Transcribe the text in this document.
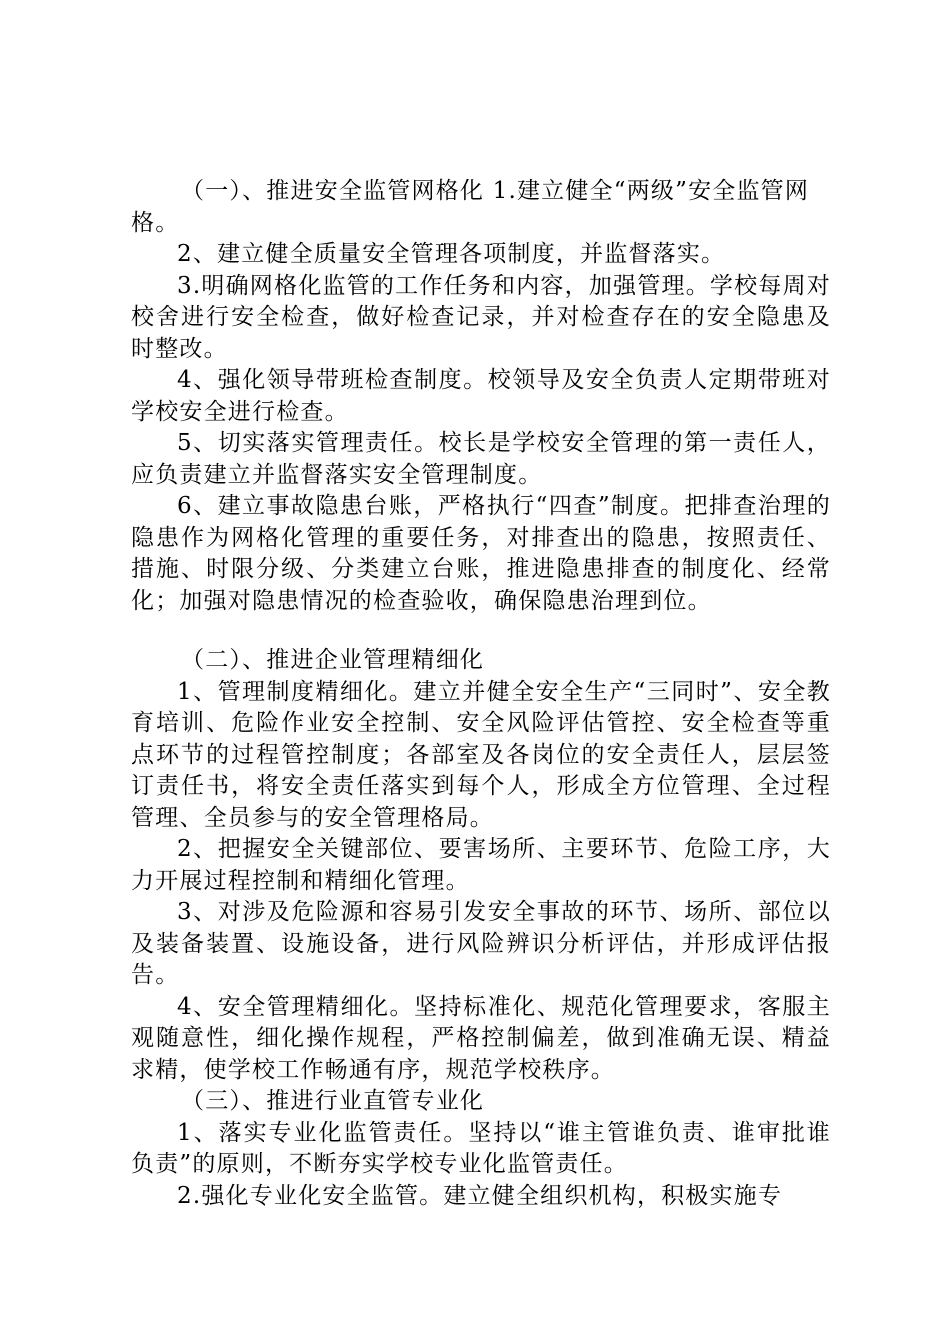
（一）、推进安全监管网格化 1.建立健全“两级”安全监管网格。

2、建立健全质量安全管理各项制度，并监督落实。

3.明确网格化监管的工作任务和内容，加强管理。学校每周对校舍进行安全检查，做好检查记录，并对检查存在的安全隐患及时整改。

4、强化领导带班检查制度。校领导及安全负责人定期带班对学校安全进行检查。

5、切实落实管理责任。校长是学校安全管理的第一责任人，应负责建立并监督落实安全管理制度。

6、建立事故隐患台账，严格执行“四查”制度。把排查治理的隐患作为网格化管理的重要任务，对排查出的隐患，按照责任、措施、时限分级、分类建立台账，推进隐患排查的制度化、经常化；加强对隐患情况的检查验收，确保隐患治理到位。

（二）、推进企业管理精细化

1、管理制度精细化。建立并健全安全生产“三同时”、安全教育培训、危险作业安全控制、安全风险评估管控、安全检查等重点环节的过程管控制度；各部室及各岗位的安全责任人，层层签订责任书，将安全责任落实到每个人，形成全方位管理、全过程管理、全员参与的安全管理格局。

2、把握安全关键部位、要害场所、主要环节、危险工序，大力开展过程控制和精细化管理。

3、对涉及危险源和容易引发安全事故的环节、场所、部位以及装备装置、设施设备，进行风险辨识分析评估，并形成评估报告。

4、安全管理精细化。坚持标准化、规范化管理要求，客服主观随意性，细化操作规程，严格控制偏差，做到准确无误、精益求精，使学校工作畅通有序，规范学校秩序。

（三）、推进行业直管专业化

1、落实专业化监管责任。坚持以“谁主管谁负责、谁审批谁负责”的原则，不断夯实学校专业化监管责任。

2.强化专业化安全监管。建立健全组织机构，积极实施专
